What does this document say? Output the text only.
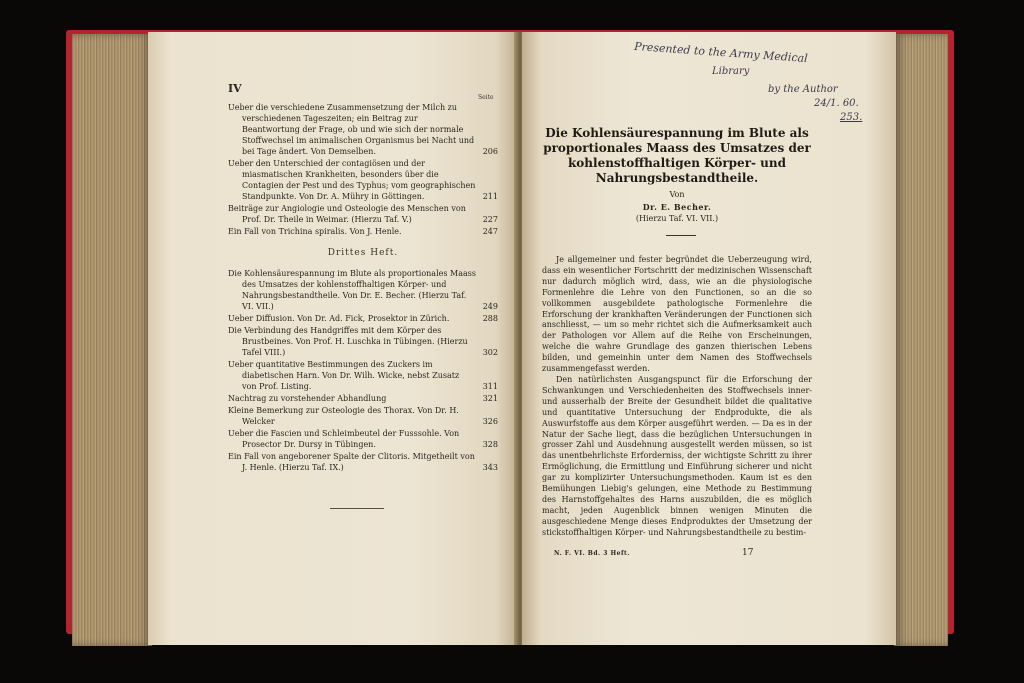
IV
Seite
Ueber die verschiedene Zusammensetzung der Milch zu verschiedenen Tageszeiten; ein Beitrag zur Beantwortung der Frage, ob und wie sich der normale Stoffwechsel im animalischen Organismus bei Nacht und bei Tage ändert. Von Demselben.	206
Ueber den Unterschied der contagiösen und der miasmatischen Krankheiten, besonders über die Contagien der Pest und des Typhus; vom geographischen Standpunkte. Von Dr. A. Mühry in Göttingen.	211
Beiträge zur Angiologie und Osteologie des Menschen von Prof. Dr. Theile in Weimar. (Hierzu Taf. V.)	227
Ein Fall von Trichina spiralis. Von J. Henle.	247
Drittes Heft.
Die Kohlensäurespannung im Blute als proportionales Maass des Umsatzes der kohlenstoffhaltigen Körper- und Nahrungsbestandtheile. Von Dr. E. Becher. (Hierzu Taf. VI. VII.)	249
Ueber Diffusion. Von Dr. Ad. Fick, Prosektor in Zürich.	288
Die Verbindung des Handgriffes mit dem Körper des Brustbeines. Von Prof. H. Luschka in Tübingen. (Hierzu Tafel VIII.)	302
Ueber quantitative Bestimmungen des Zuckers im diabetischen Harn. Von Dr. Wilh. Wicke, nebst Zusatz von Prof. Listing.	311
Nachtrag zu vorstehender Abhandlung	321
Kleine Bemerkung zur Osteologie des Thorax. Von Dr. H. Welcker	326
Ueber die Fascien und Schleimbeutel der Fusssohle. Von Prosector Dr. Dursy in Tübingen.	328
Ein Fall von angeborener Spalte der Clitoris. Mitgetheilt von J. Henle. (Hierzu Taf. IX.)	343
Presented to the Army Medical
Library
by the Author
24/1. 60.
253.
Die Kohlensäurespannung im Blute als proportionales Maass des Umsatzes der kohlenstoffhaltigen Körper- und Nahrungsbestandtheile.
Von
Dr. E. Becher.
(Hierzu Taf. VI. VII.)

Je allgemeiner und fester begründet die Ueberzeugung wird, dass ein wesentlicher Fortschritt der medizinischen Wissenschaft nur dadurch möglich wird, dass, wie an die physiologische Formenlehre die Lehre von den Functionen, so an die so vollkommen ausgebildete pathologische Formenlehre die Erforschung der krankhaften Veränderungen der Functionen sich anschliesst, — um so mehr richtet sich die Aufmerksamkeit auch der Pathologen vor Allem auf die Reihe von Erscheinungen, welche die wahre Grundlage des ganzen thierischen Lebens bilden, und gemeinhin unter dem Namen des Stoffwechsels zusammengefasst werden.

Den natürlichsten Ausgangspunct für die Erforschung der Schwankungen und Verschiedenheiten des Stoffwechsels inner- und ausserhalb der Breite der Gesundheit bildet die qualitative und quantitative Untersuchung der Endprodukte, die als Auswurfstoffe aus dem Körper ausgeführt werden. — Da es in der Natur der Sache liegt, dass die bezüglichen Untersuchungen in grosser Zahl und Ausdehnung ausgestellt werden müssen, so ist das unentbehrlichste Erforderniss, der wichtigste Schritt zu ihrer Ermöglichung, die Ermittlung und Einführung sicherer und nicht gar zu komplizirter Untersuchungsmethoden. Kaum ist es den Bemühungen Liebig's gelungen, eine Methode zu Bestimmung des Harnstoffgehaltes des Harns auszubilden, die es möglich macht, jeden Augenblick binnen wenigen Minuten die ausgeschiedene Menge dieses Endproduktes der Umsetzung der stickstoffhaltigen Körper- und Nahrungsbestandtheile zu bestim-

N. F. VI. Bd. 3 Heft.	17
